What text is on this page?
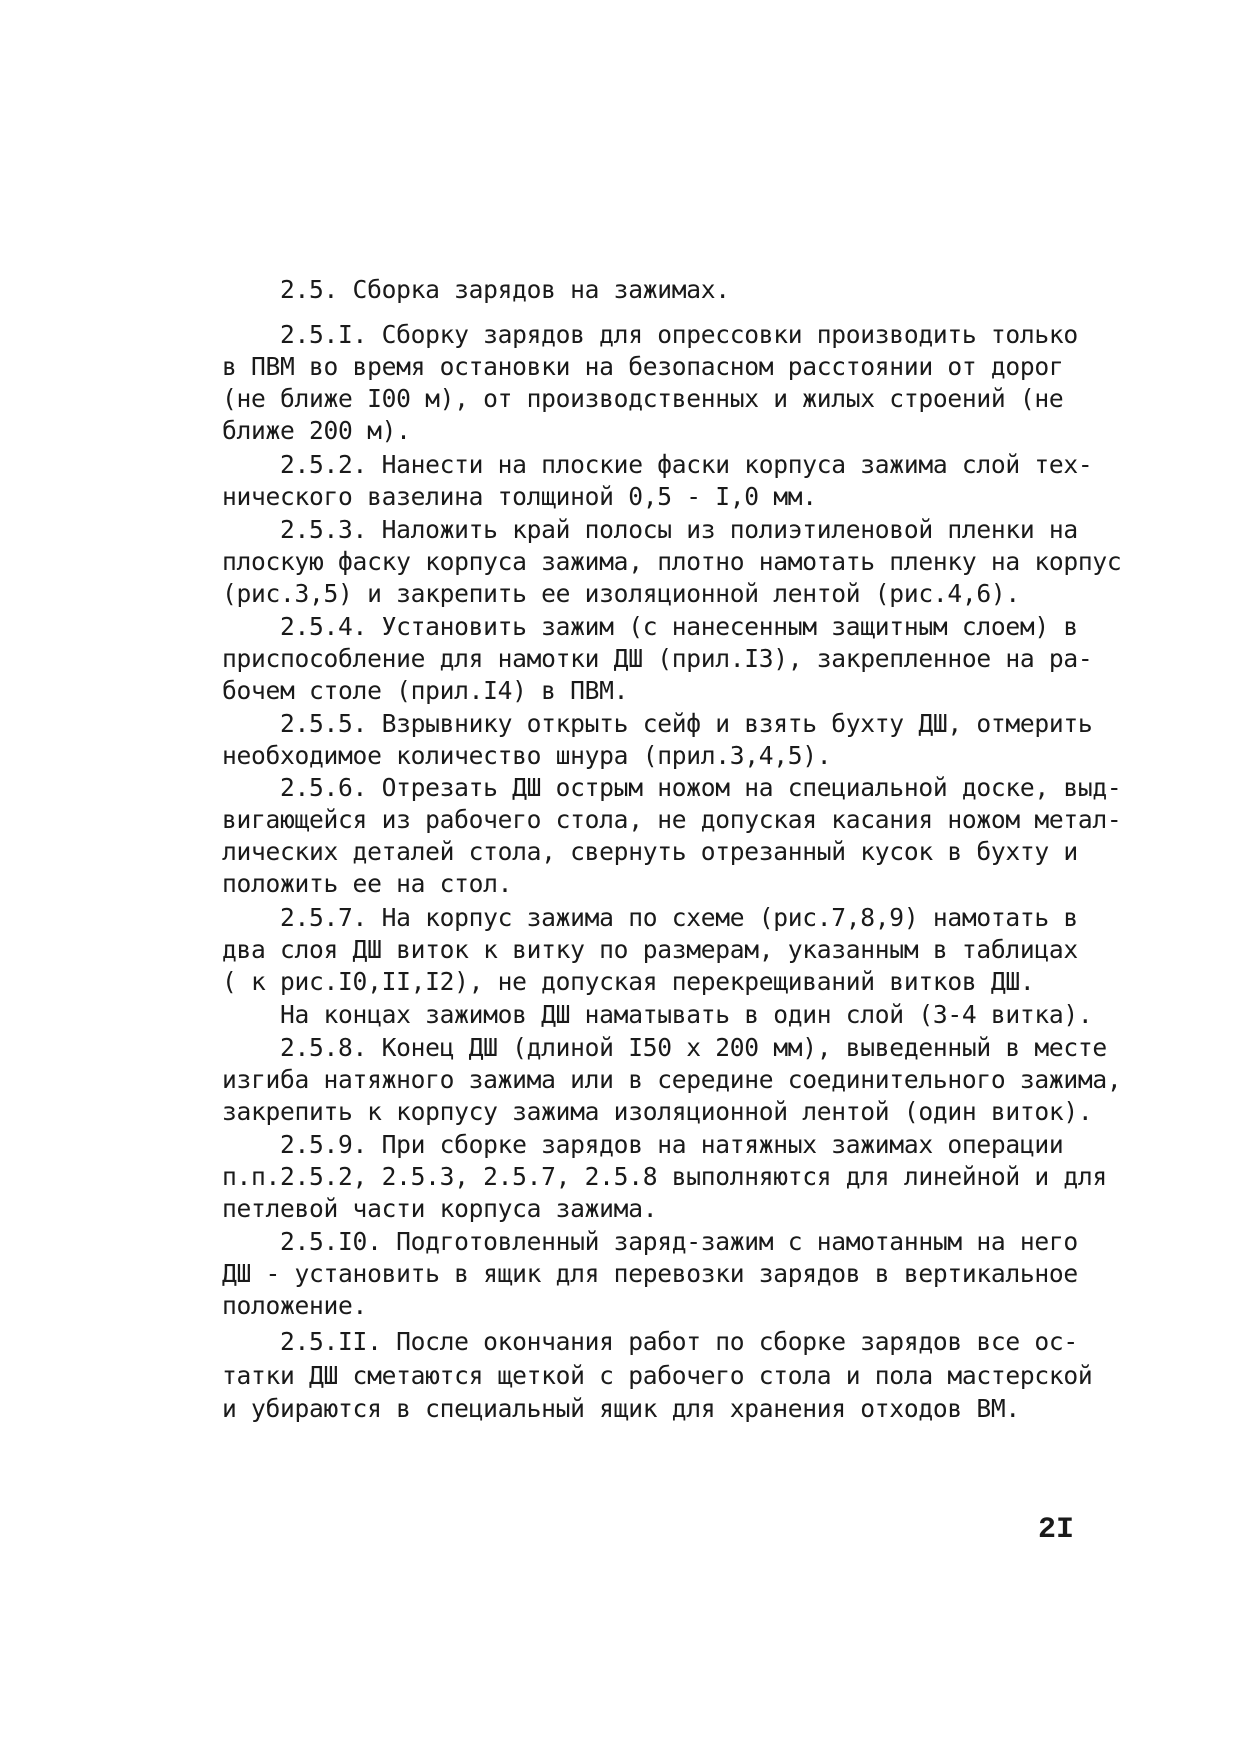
2.5. Сборка зарядов на зажимах.
2.5.I. Сборку зарядов для опрессовки производить только
в ПВМ во время остановки на безопасном расстоянии от дорог
(не ближе I00 м), от производственных и жилых строений (не
ближе 200 м).
2.5.2. Нанести на плоские фаски корпуса зажима слой тех-
нического вазелина толщиной 0,5 - I,0 мм.
2.5.3. Наложить край полосы из полиэтиленовой пленки на
плоскую фаску корпуса зажима, плотно намотать пленку на корпус
(рис.3,5) и закрепить ее изоляционной лентой (рис.4,6).
2.5.4. Установить зажим (с нанесенным защитным слоем) в
приспособление для намотки ДШ (прил.I3), закрепленное на ра-
бочем столе (прил.I4) в ПВМ.
2.5.5. Взрывнику открыть сейф и взять бухту ДШ, отмерить
необходимое количество шнура (прил.3,4,5).
2.5.6. Отрезать ДШ острым ножом на специальной доске, выд-
вигающейся из рабочего стола, не допуская касания ножом метал-
лических деталей стола, свернуть отрезанный кусок в бухту и
положить ее на стол.
2.5.7. На корпус зажима по схеме (рис.7,8,9) намотать в
два слоя ДШ виток к витку по размерам, указанным в таблицах
( к рис.I0,II,I2), не допуская перекрещиваний витков ДШ.
На концах зажимов ДШ наматывать в один слой (3-4 витка).
2.5.8. Конец ДШ (длиной I50 х 200 мм), выведенный в месте
изгиба натяжного зажима или в середине соединительного зажима,
закрепить к корпусу зажима изоляционной лентой (один виток).
2.5.9. При сборке зарядов на натяжных зажимах операции
п.п.2.5.2, 2.5.3, 2.5.7, 2.5.8 выполняются для линейной и для
петлевой части корпуса зажима.
2.5.I0. Подготовленный заряд-зажим с намотанным на него
ДШ - установить в ящик для перевозки зарядов в вертикальное
положение.
2.5.II. После окончания работ по сборке зарядов все ос-
татки ДШ сметаются щеткой с рабочего стола и пола мастерской
и убираются в специальный ящик для хранения отходов ВМ.
2I
